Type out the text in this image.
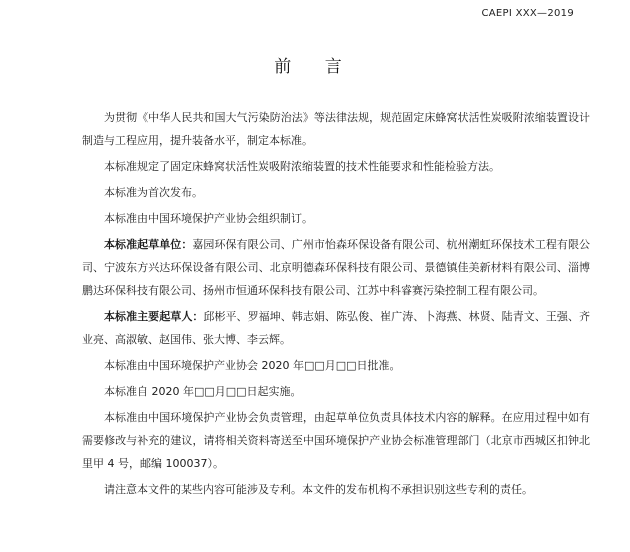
CAEPI XXX—2019
前 言

为贯彻《中华人民共和国大气污染防治法》等法律法规，规范固定床蜂窝状活性炭吸附浓缩装置设计制造与工程应用，提升装备水平，制定本标准。

本标准规定了固定床蜂窝状活性炭吸附浓缩装置的技术性能要求和性能检验方法。

本标准为首次发布。

本标准由中国环境保护产业协会组织制订。

本标准起草单位：嘉园环保有限公司、广州市怡森环保设备有限公司、杭州潮虹环保技术工程有限公司、宁波东方兴达环保设备有限公司、北京明德森环保科技有限公司、景德镇佳美新材料有限公司、淄博鹏达环保科技有限公司、扬州市恒通环保科技有限公司、江苏中科睿赛污染控制工程有限公司。

本标准主要起草人：邱彬平、罗福坤、韩志娟、陈弘俊、崔广涛、卜海燕、林贤、陆青文、王强、齐业亮、高淑敏、赵国伟、张大博、李云辉。

本标准由中国环境保护产业协会 2020 年□□月□□日批准。

本标准自 2020 年□□月□□日起实施。

本标准由中国环境保护产业协会负责管理，由起草单位负责具体技术内容的解释。在应用过程中如有需要修改与补充的建议，请将相关资料寄送至中国环境保护产业协会标准管理部门（北京市西城区扣钟北里甲 4 号，邮编 100037）。

请注意本文件的某些内容可能涉及专利。本文件的发布机构不承担识别这些专利的责任。
